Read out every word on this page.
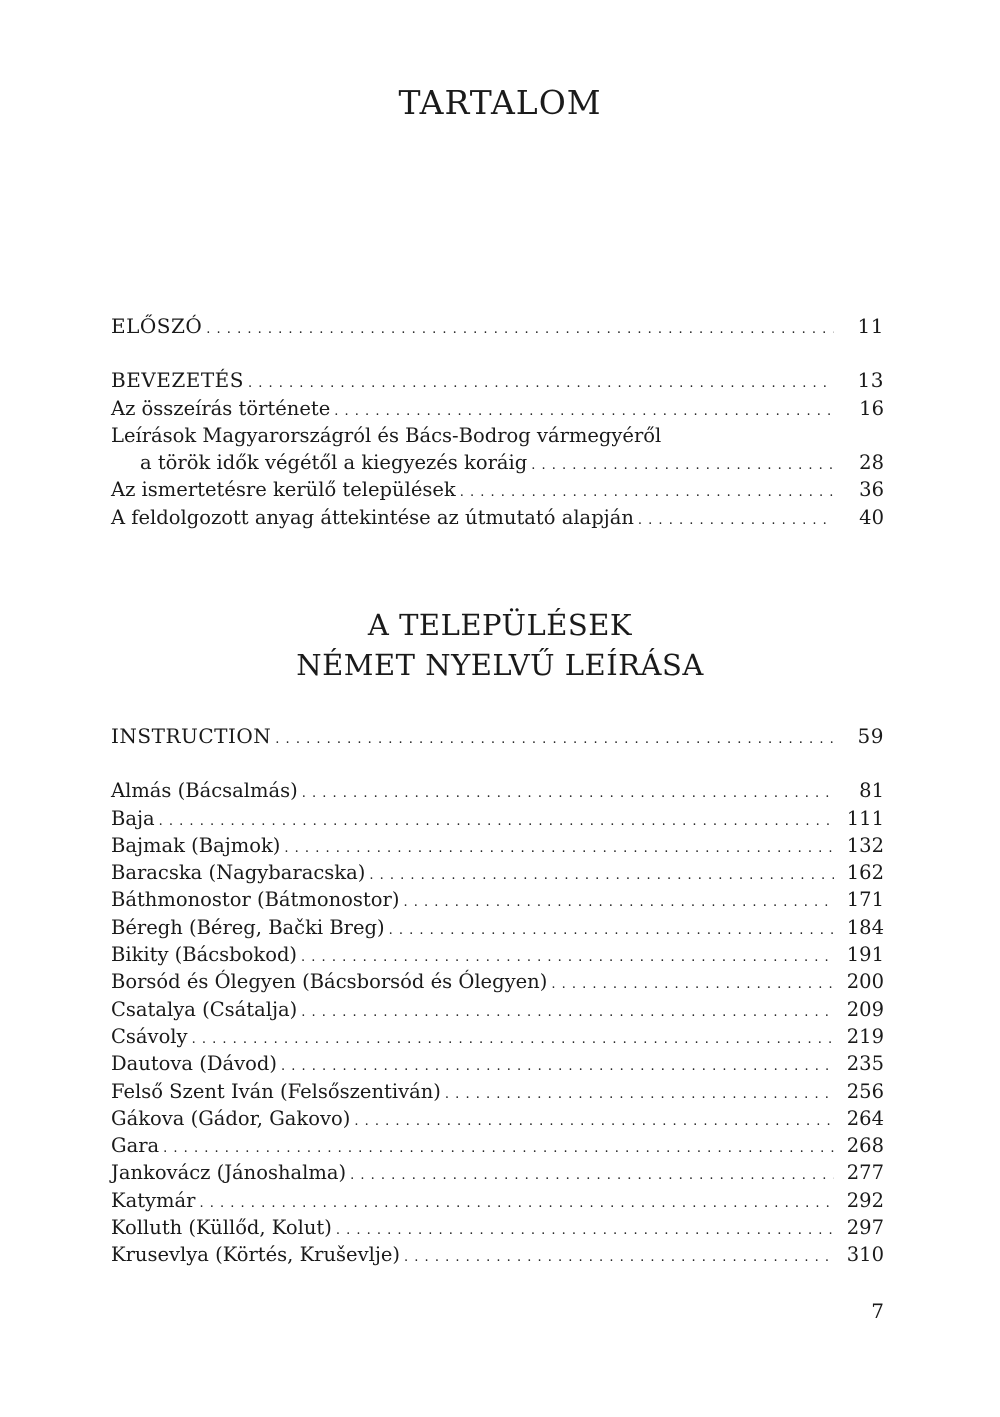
TARTALOM
ELŐSZÓ . . .	11
BEVEZETÉS . . .	13
Az összeírás története . . .	16
Leírások Magyarországról és Bács-Bodrog vármegyéről
a török idők végétől a kiegyezés koráig . . .	28
Az ismertetésre kerülő települések . . .	36
A feldolgozott anyag áttekintése az útmutató alapján . . .	40
A TELEPÜLÉSEK
NÉMET NYELVŰ LEÍRÁSA
INSTRUCTION . . .	59
Almás (Bácsalmás) . . .	81
Baja . . .	111
Bajmak (Bajmok) . . .	132
Baracska (Nagybaracska) . . .	162
Báthmonostor (Bátmonostor) . . .	171
Béregh (Béreg, Bački Breg) . . .	184
Bikity (Bácsbokod) . . .	191
Borsód és Ólegyen (Bácsborsód és Ólegyen) . . .	200
Csatalya (Csátalja) . . .	209
Csávoly . . .	219
Dautova (Dávod) . . .	235
Felső Szent Iván (Felsőszentiván) . . .	256
Gákova (Gádor, Gakovo) . . .	264
Gara . . .	268
Jankovácz (Jánoshalma) . . .	277
Katymár . . .	292
Kolluth (Küllőd, Kolut) . . .	297
Krusevlya (Körtés, Kruševlje) . . .	310
7
